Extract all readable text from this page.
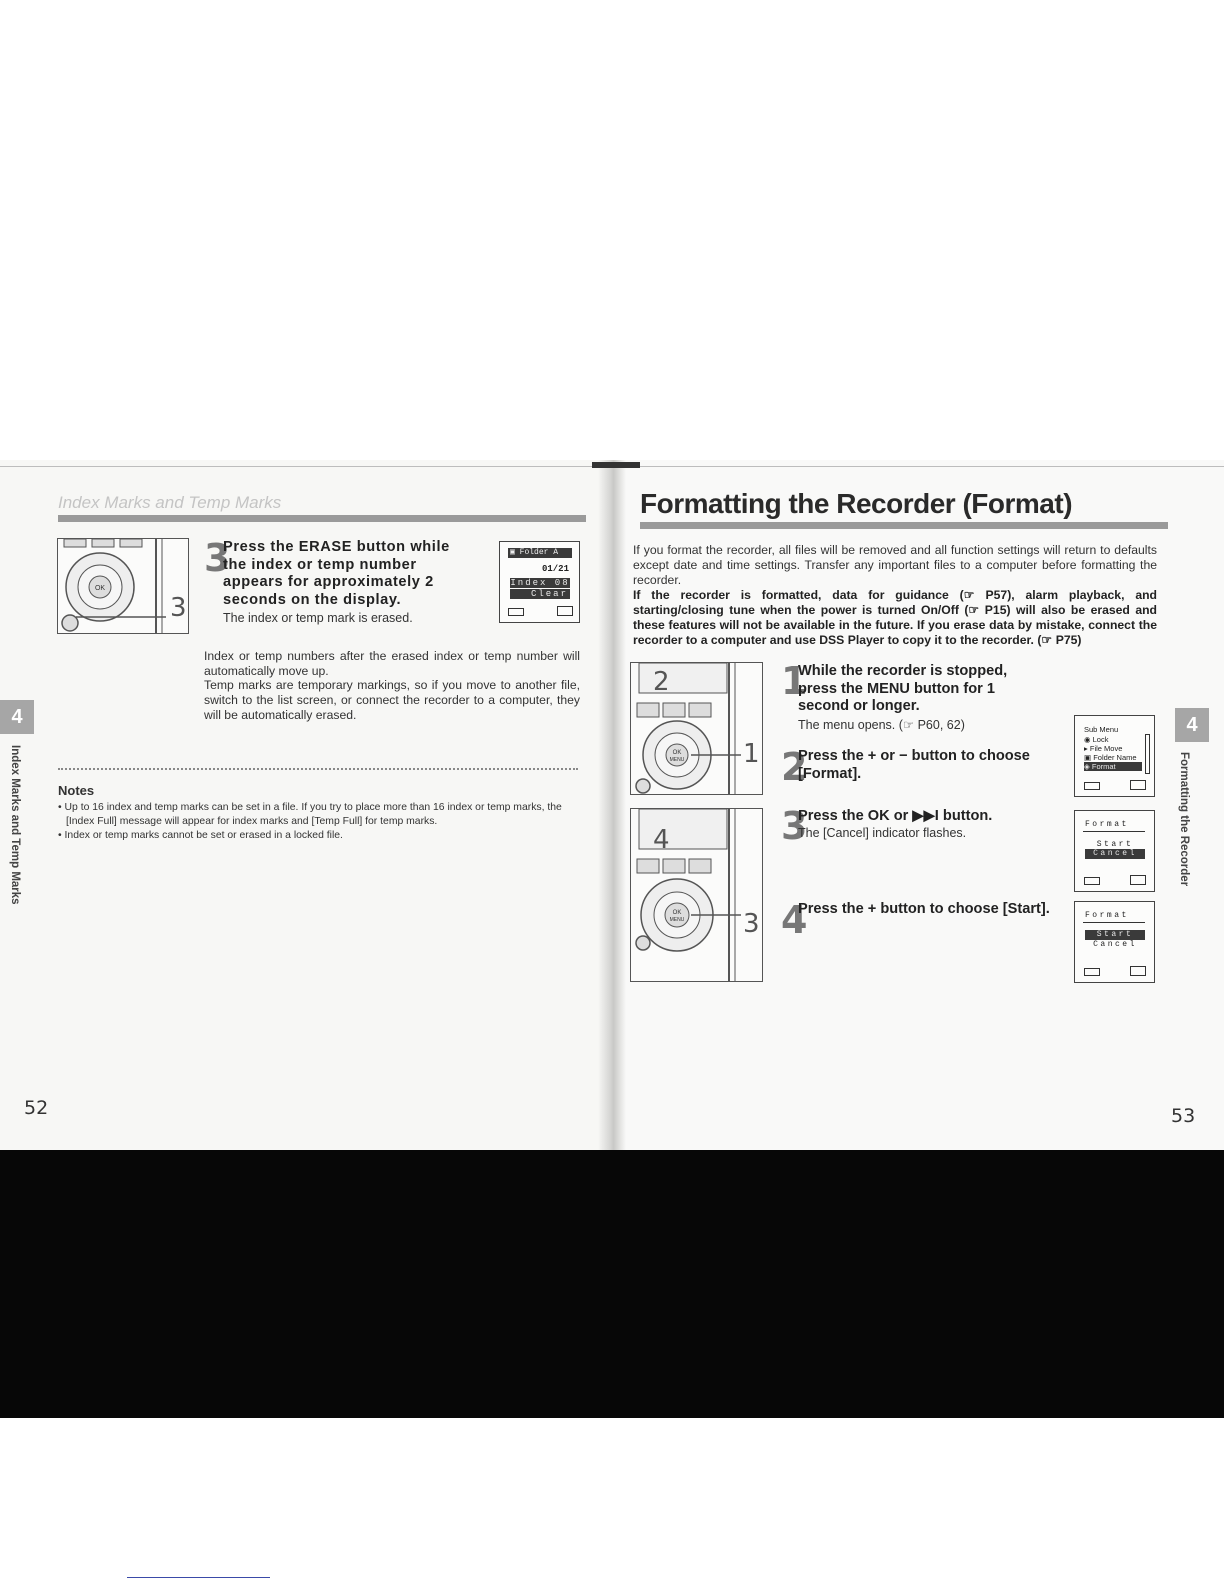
Index Marks and Temp Marks
OK
3
3
Press the ERASE button while the index or temp number appears for approximately 2 seconds on the display.
The index or temp mark is erased.
▣ Folder A
01/21
Index 08
Clear
Index or temp numbers after the erased index or temp number will automatically move up.
Temp marks are temporary markings, so if you move to another file, switch to the list screen, or connect the recorder to a computer, they will be automatically erased.
Notes
• Up to 16 index and temp marks can be set in a file. If you try to place more than 16 index or temp marks, the [Index Full] message will appear for index marks and [Temp Full] for temp marks.
• Index or temp marks cannot be set or erased in a locked file.
4
Index Marks and Temp Marks
52
Formatting the Recorder (Format)
If you format the recorder, all files will be removed and all function settings will return to defaults except date and time settings. Transfer any important files to a computer before formatting the recorder.
If the recorder is formatted, data for guidance (☞ P57), alarm playback, and starting/closing tune when the power is turned On/Off (☞ P15) will also be erased and these features will not be available in the future. If you erase data by mistake, connect the recorder to a computer and use DSS Player to copy it to the recorder. (☞ P75)
OK
MENU
2
1
OK
MENU
4
3
1
While the recorder is stopped, press the MENU button for 1 second or longer.
The menu opens. (☞ P60, 62)
2
Press the + or − button to choose [Format].
3
Press the OK or ▶▶I button.
The [Cancel] indicator flashes.
4
Press the + button to choose [Start].
Sub Menu
◉ Lock
▸ File Move
▣ Folder Name
◈ Format
Format
Start
Cancel
Format
Start
Cancel
4
Formatting the Recorder
53
